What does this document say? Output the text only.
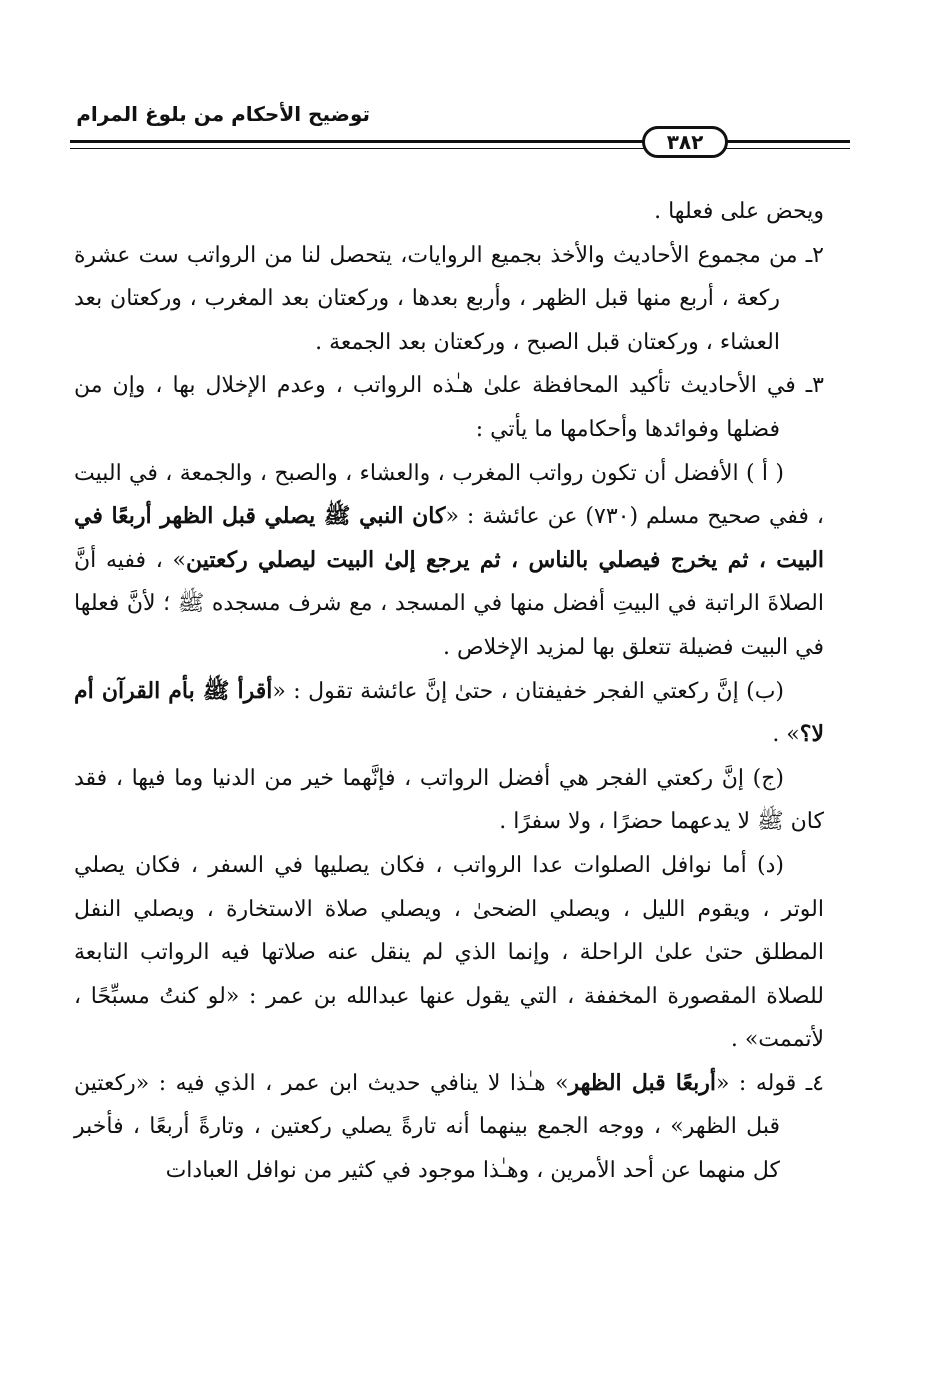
توضيح الأحكام من بلوغ المرام
٣٨٢

ويحض على فعلها .

٢ـ من مجموع الأحاديث والأخذ بجميع الروايات، يتحصل لنا من الرواتب ست عشرة ركعة ، أربع منها قبل الظهر ، وأربع بعدها ، وركعتان بعد المغرب ، وركعتان بعد العشاء ، وركعتان قبل الصبح ، وركعتان بعد الجمعة .

٣ـ في الأحاديث تأكيد المحافظة علىٰ هـٰذه الرواتب ، وعدم الإخلال بها ، وإن من فضلها وفوائدها وأحكامها ما يأتي :

( أ ) الأفضل أن تكون رواتب المغرب ، والعشاء ، والصبح ، والجمعة ، في البيت ، ففي صحيح مسلم (٧٣٠) عن عائشة : «كان النبي ﷺ يصلي قبل الظهر أربعًا في البيت ، ثم يخرج فيصلي بالناس ، ثم يرجع إلىٰ البيت ليصلي ركعتين» ، ففيه أنَّ الصلاةَ الراتبة في البيتِ أفضل منها في المسجد ، مع شرف مسجده ﷺ ؛ لأنَّ فعلها في البيت فضيلة تتعلق بها لمزيد الإخلاص .

(ب) إنَّ ركعتي الفجر خفيفتان ، حتىٰ إنَّ عائشة تقول : «أقرأ ﷺ بأم القرآن أم لا؟» .

(ج) إنَّ ركعتي الفجر هي أفضل الرواتب ، فإنَّهما خير من الدنيا وما فيها ، فقد كان ﷺ لا يدعهما حضرًا ، ولا سفرًا .

(د) أما نوافل الصلوات عدا الرواتب ، فكان يصليها في السفر ، فكان يصلي الوتر ، ويقوم الليل ، ويصلي الضحىٰ ، ويصلي صلاة الاستخارة ، ويصلي النفل المطلق حتىٰ علىٰ الراحلة ، وإنما الذي لم ينقل عنه صلاتها فيه الرواتب التابعة للصلاة المقصورة المخففة ، التي يقول عنها عبدالله بن عمر : «لو كنتُ مسبِّحًا ، لأتممت» .

٤ـ قوله : «أربعًا قبل الظهر» هـٰذا لا ينافي حديث ابن عمر ، الذي فيه : «ركعتين قبل الظهر» ، ووجه الجمع بينهما أنه تارةً يصلي ركعتين ، وتارةً أربعًا ، فأخبر كل منهما عن أحد الأمرين ، وهـٰذا موجود في كثير من نوافل العبادات
